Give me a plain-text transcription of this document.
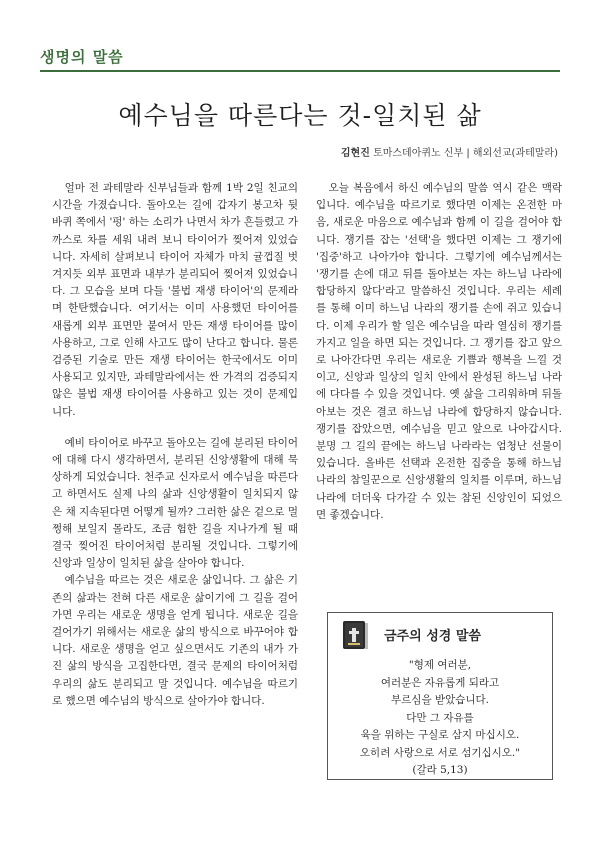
생명의 말씀
예수님을 따른다는 것-일치된 삶
김현진 토마스데아퀴노 신부 | 해외선교(과테말라)

얼마 전 과테말라 신부님들과 함께 1박 2일 친교의 시간을 가졌습니다. 돌아오는 길에 갑자기 봉고차 뒷바퀴 쪽에서 '펑' 하는 소리가 나면서 차가 흔들렸고 가까스로 차를 세워 내려 보니 타이어가 찢어져 있었습니다. 자세히 살펴보니 타이어 자체가 마치 귤껍질 벗겨지듯 외부 표면과 내부가 분리되어 찢어져 있었습니다. 그 모습을 보며 다들 '불법 재생 타이어'의 문제라며 한탄했습니다. 여기서는 이미 사용했던 타이어를 새롭게 외부 표면만 붙여서 만든 재생 타이어를 많이 사용하고, 그로 인해 사고도 많이 난다고 합니다. 물론 검증된 기술로 만든 재생 타이어는 한국에서도 이미 사용되고 있지만, 과테말라에서는 싼 가격의 검증되지 않은 불법 재생 타이어를 사용하고 있는 것이 문제입니다.

예비 타이어로 바꾸고 돌아오는 길에 분리된 타이어에 대해 다시 생각하면서, 분리된 신앙생활에 대해 묵상하게 되었습니다. 천주교 신자로서 예수님을 따른다고 하면서도 실제 나의 삶과 신앙생활이 일치되지 않은 채 지속된다면 어떻게 될까? 그러한 삶은 겉으로 멀쩡해 보일지 몰라도, 조금 험한 길을 지나가게 될 때 결국 찢어진 타이어처럼 분리될 것입니다. 그렇기에 신앙과 일상이 일치된 삶을 살아야 합니다.

예수님을 따르는 것은 새로운 삶입니다. 그 삶은 기존의 삶과는 전혀 다른 새로운 삶이기에 그 길을 걸어가면 우리는 새로운 생명을 얻게 됩니다. 새로운 길을 걸어가기 위해서는 새로운 삶의 방식으로 바꾸어야 합니다. 새로운 생명을 얻고 싶으면서도 기존의 내가 가진 삶의 방식을 고집한다면, 결국 문제의 타이어처럼 우리의 삶도 분리되고 말 것입니다. 예수님을 따르기로 했으면 예수님의 방식으로 살아가야 합니다.

오늘 복음에서 하신 예수님의 말씀 역시 같은 맥락입니다. 예수님을 따르기로 했다면 이제는 온전한 마음, 새로운 마음으로 예수님과 함께 이 길을 걸어야 합니다. 쟁기를 잡는 '선택'을 했다면 이제는 그 쟁기에 '집중'하고 나아가야 합니다. 그렇기에 예수님께서는 '쟁기를 손에 대고 뒤를 돌아보는 자는 하느님 나라에 합당하지 않다'라고 말씀하신 것입니다. 우리는 세례를 통해 이미 하느님 나라의 쟁기를 손에 쥐고 있습니다. 이제 우리가 할 일은 예수님을 따라 열심히 쟁기를 가지고 일을 하면 되는 것입니다. 그 쟁기를 잡고 앞으로 나아간다면 우리는 새로운 기쁨과 행복을 느낄 것이고, 신앙과 일상의 일치 안에서 완성된 하느님 나라에 다다를 수 있을 것입니다. 옛 삶을 그리워하며 뒤돌아보는 것은 결코 하느님 나라에 합당하지 않습니다. 쟁기를 잡았으면, 예수님을 믿고 앞으로 나아갑시다. 분명 그 길의 끝에는 하느님 나라라는 엄청난 선물이 있습니다. 올바른 선택과 온전한 집중을 통해 하느님 나라의 참일꾼으로 신앙생활의 일치를 이루며, 하느님 나라에 더더욱 다가갈 수 있는 참된 신앙인이 되었으면 좋겠습니다.

금주의 성경 말씀
"형제 여러분,
여러분은 자유롭게 되라고
부르심을 받았습니다.
다만 그 자유를
육을 위하는 구실로 삼지 마십시오.
오히려 사랑으로 서로 섬기십시오."
(갈라 5,13)
